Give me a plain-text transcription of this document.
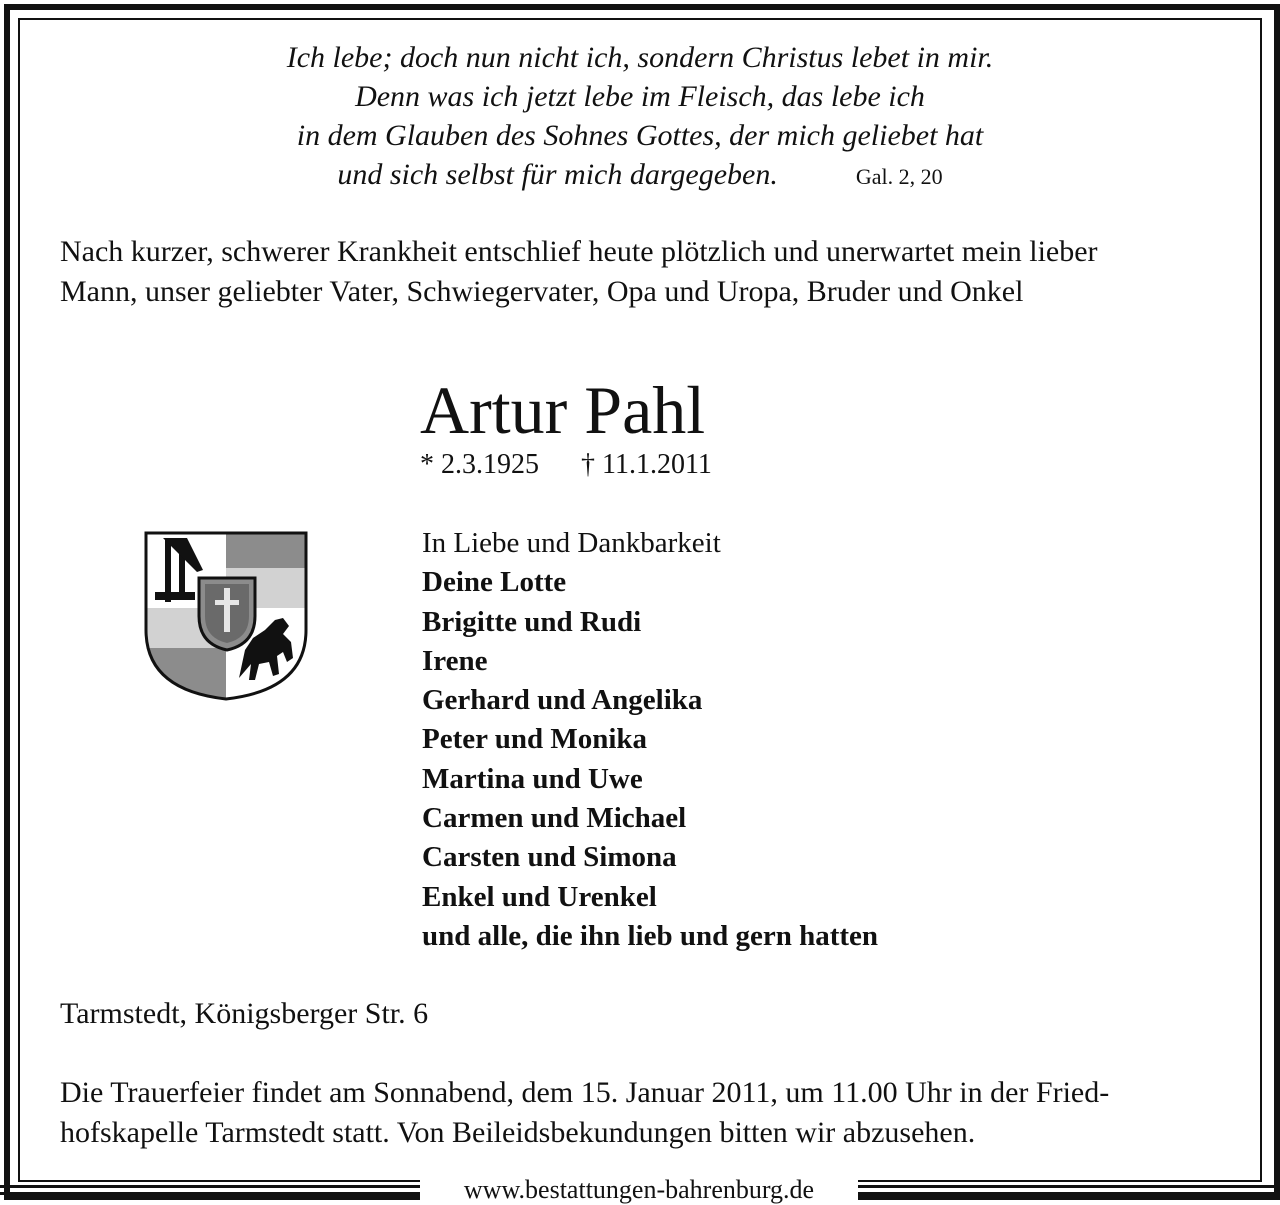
Ich lebe; doch nun nicht ich, sondern Christus lebet in mir.
Denn was ich jetzt lebe im Fleisch, das lebe ich
in dem Glauben des Sohnes Gottes, der mich geliebet hat
und sich selbst für mich dargegeben.	Gal. 2, 20
Nach kurzer, schwerer Krankheit entschlief heute plötzlich und unerwartet mein lieber
Mann, unser geliebter Vater, Schwiegervater, Opa und Uropa, Bruder und Onkel
Artur Pahl
* 2.3.1925 † 11.1.2011
In Liebe und Dankbarkeit
Deine Lotte
Brigitte und Rudi
Irene
Gerhard und Angelika
Peter und Monika
Martina und Uwe
Carmen und Michael
Carsten und Simona
Enkel und Urenkel
und alle, die ihn lieb und gern hatten
Tarmstedt, Königsberger Str. 6
Die Trauerfeier findet am Sonnabend, dem 15. Januar 2011, um 11.00 Uhr in der Fried-
hofskapelle Tarmstedt statt. Von Beileidsbekundungen bitten wir abzusehen.
www.bestattungen-bahrenburg.de
